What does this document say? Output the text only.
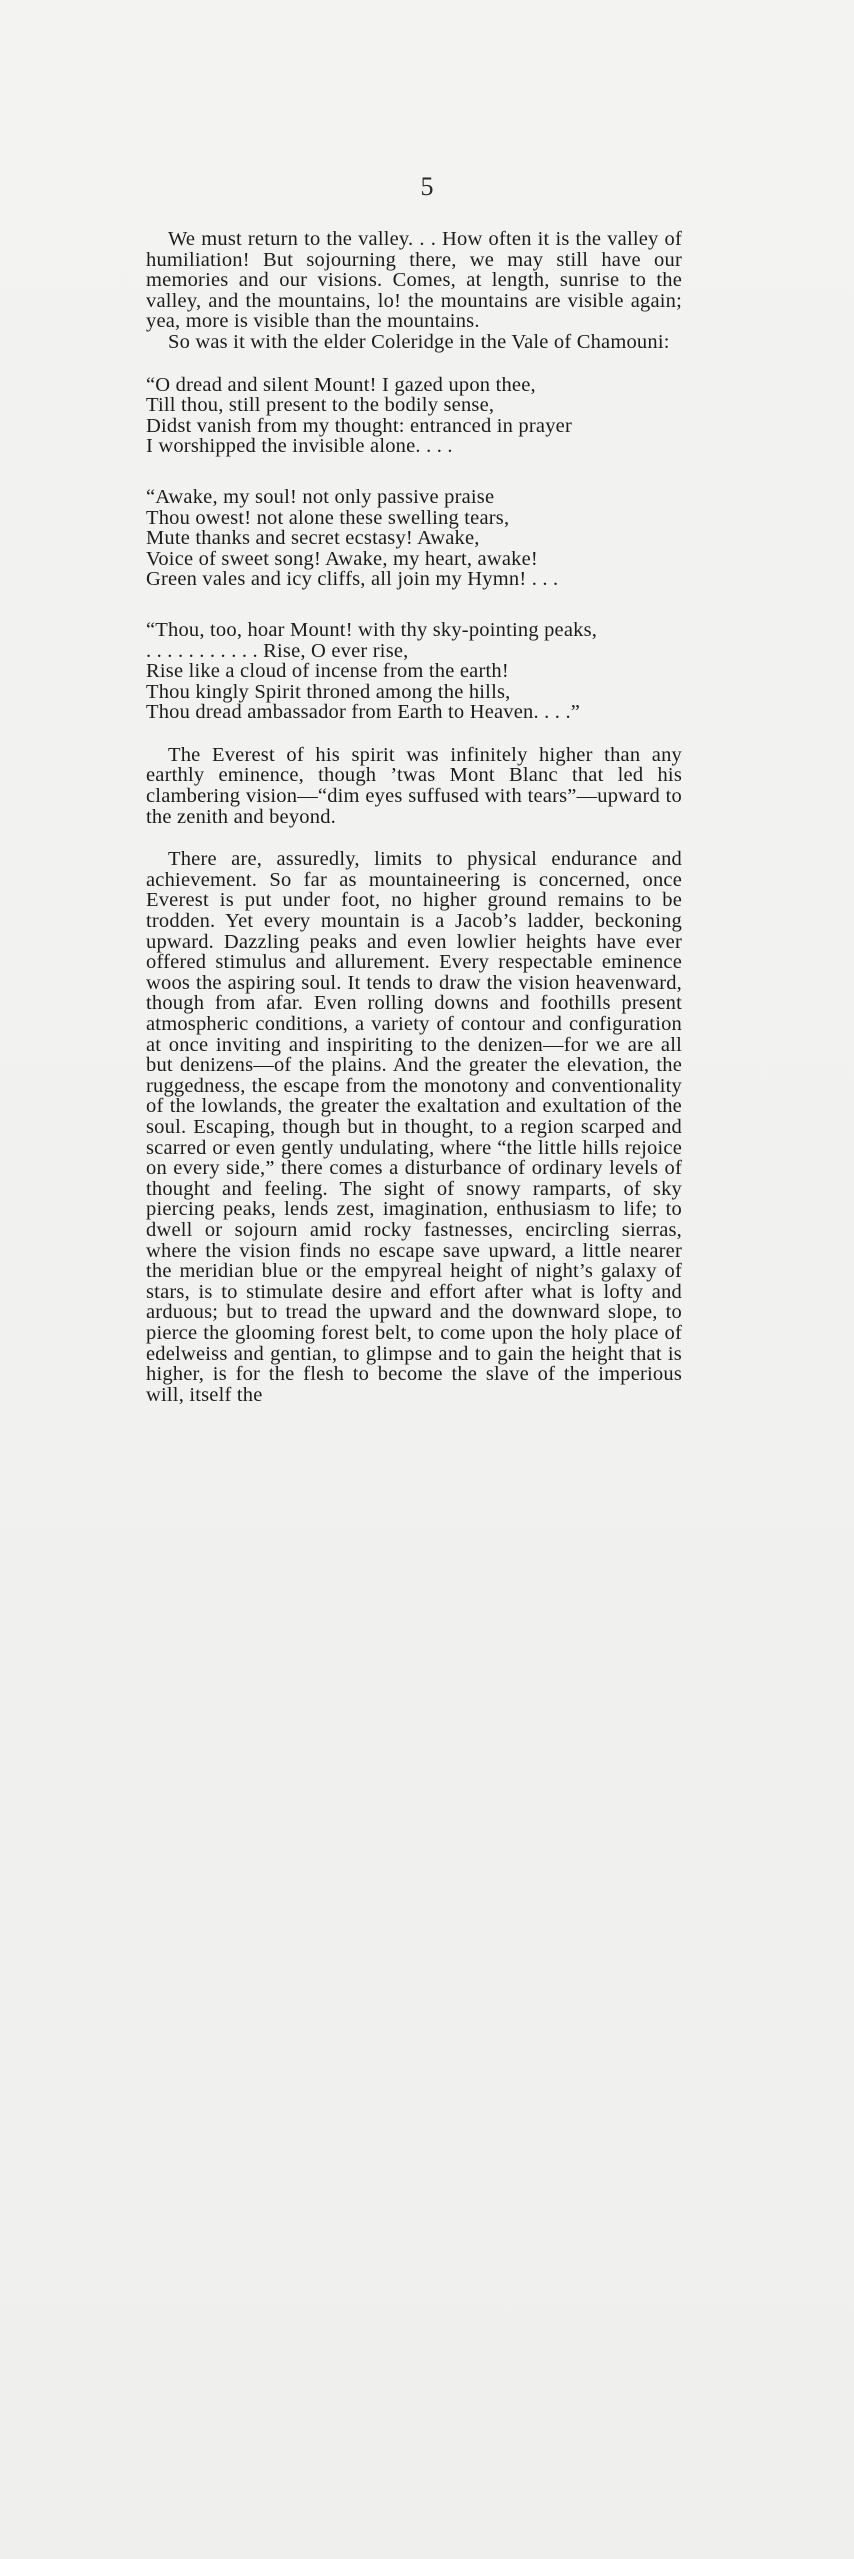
5

We must return to the valley. . . How often it is the valley of humiliation! But sojourning there, we may still have our memories and our visions. Comes, at length, sunrise to the valley, and the mountains, lo! the mountains are visible again; yea, more is visible than the mountains.

So was it with the elder Coleridge in the Vale of Chamouni:

“O dread and silent Mount! I gazed upon thee,
Till thou, still present to the bodily sense,
Didst vanish from my thought: entranced in prayer
I worshipped the invisible alone. . . .
“Awake, my soul! not only passive praise
Thou owest! not alone these swelling tears,
Mute thanks and secret ecstasy! Awake,
Voice of sweet song! Awake, my heart, awake!
Green vales and icy cliffs, all join my Hymn! . . .
“Thou, too, hoar Mount! with thy sky-pointing peaks,
. . . . . . . . . . . Rise, O ever rise,
Rise like a cloud of incense from the earth!
Thou kingly Spirit throned among the hills,
Thou dread ambassador from Earth to Heaven. . . .”

The Everest of his spirit was infinitely higher than any earthly eminence, though ’twas Mont Blanc that led his clambering vision—“dim eyes suffused with tears”—upward to the zenith and beyond.

There are, assuredly, limits to physical endurance and achievement. So far as mountaineering is concerned, once Everest is put under foot, no higher ground remains to be trodden. Yet every mountain is a Jacob’s ladder, beckoning upward. Dazzling peaks and even lowlier heights have ever offered stimulus and allurement. Every respectable eminence woos the aspiring soul. It tends to draw the vision heavenward, though from afar. Even rolling downs and foothills present atmospheric conditions, a variety of contour and configuration at once inviting and inspiriting to the denizen—for we are all but denizens—of the plains. And the greater the elevation, the ruggedness, the escape from the monotony and conventionality of the lowlands, the greater the exaltation and exultation of the soul. Escaping, though but in thought, to a region scarped and scarred or even gently undulating, where “the little hills rejoice on every side,” there comes a disturbance of ordinary levels of thought and feeling. The sight of snowy ramparts, of sky piercing peaks, lends zest, imagination, enthusiasm to life; to dwell or sojourn amid rocky fastnesses, encircling sierras, where the vision finds no escape save upward, a little nearer the meridian blue or the empyreal height of night’s galaxy of stars, is to stimulate desire and effort after what is lofty and arduous; but to tread the upward and the downward slope, to pierce the glooming forest belt, to come upon the holy place of edelweiss and gentian, to glimpse and to gain the height that is higher, is for the flesh to become the slave of the imperious will, itself the
